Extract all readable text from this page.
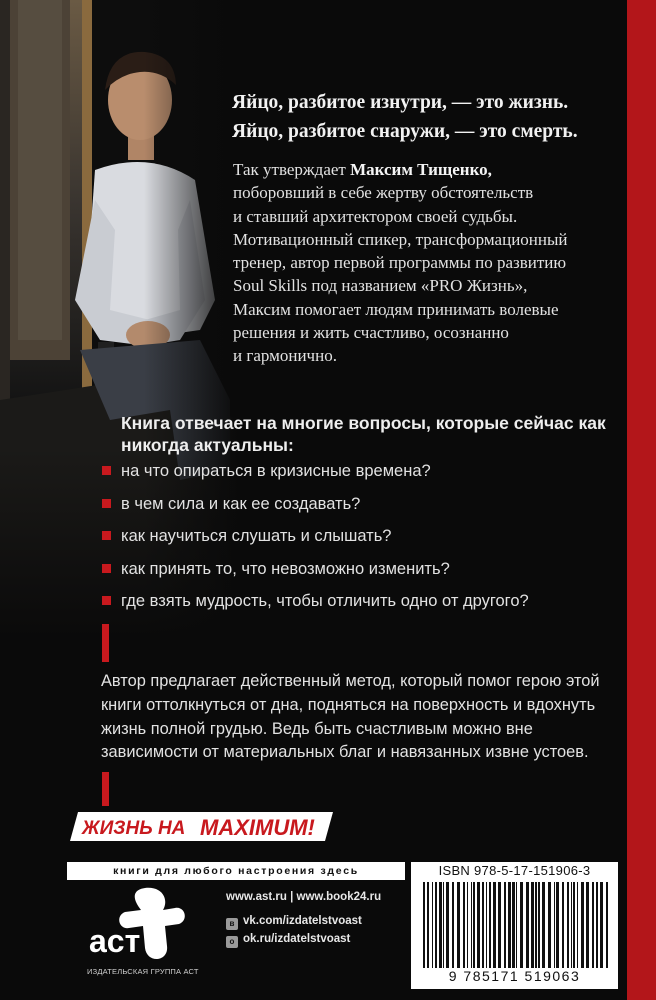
Яйцо, разбитое изнутри, — это жизнь.
Яйцо, разбитое снаружи, — это смерть.
Так утверждает Максим Тищенко,
поборовший в себе жертву обстоятельств
и ставший архитектором своей судьбы.
Мотивационный спикер, трансформационный
тренер, автор первой программы по развитию
Soul Skills под названием «PRO Жизнь»,
Максим помогает людям принимать волевые
решения и жить счастливо, осознанно
и гармонично.
Книга отвечает на многие вопросы, которые сейчас как
никогда актуальны:
на что опираться в кризисные времена?
в чем сила и как ее создавать?
как научиться слушать и слышать?
как принять то, что невозможно изменить?
где взять мудрость, чтобы отличить одно от другого?
Автор предлагает действенный метод, который помог герою этой
книги оттолкнуться от дна, подняться на поверхность и вдохнуть
жизнь полной грудью. Ведь быть счастливым можно вне
зависимости от материальных благ и навязанных извне устоев.
ЖИЗНЬ НА MAXIMUM!
книги для любого настроения здесь
аст
ИЗДАТЕЛЬСКАЯ ГРУППА АСТ
www.ast.ru | www.book24.ru
в vk.com/izdatelstvoast
о ok.ru/izdatelstvoast
ISBN 978-5-17-151906-3
9 785171 519063
